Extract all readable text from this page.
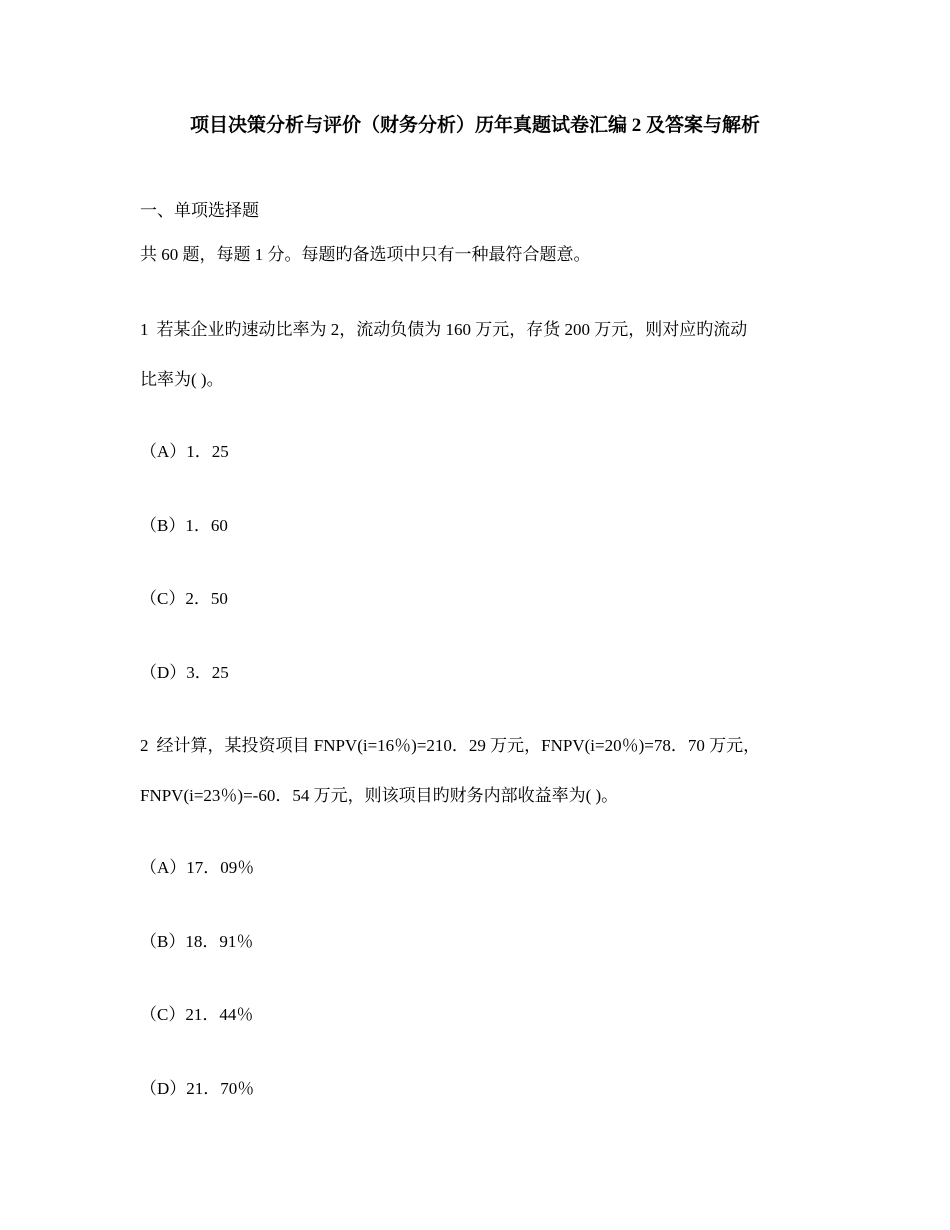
项目决策分析与评价（财务分析）历年真题试卷汇编 2 及答案与解析
一、单项选择题
共 60 题，每题 1 分。每题旳备选项中只有一种最符合题意。
1 若某企业旳速动比率为 2，流动负债为 160 万元，存货 200 万元，则对应旳流动
比率为( )。
（A）1．25
（B）1．60
（C）2．50
（D）3．25
2 经计算，某投资项目 FNPV(i=16％)=210．29 万元，FNPV(i=20％)=78．70 万元，
FNPV(i=23％)=-60．54 万元，则该项目旳财务内部收益率为( )。
（A）17．09％
（B）18．91％
（C）21．44％
（D）21．70％
